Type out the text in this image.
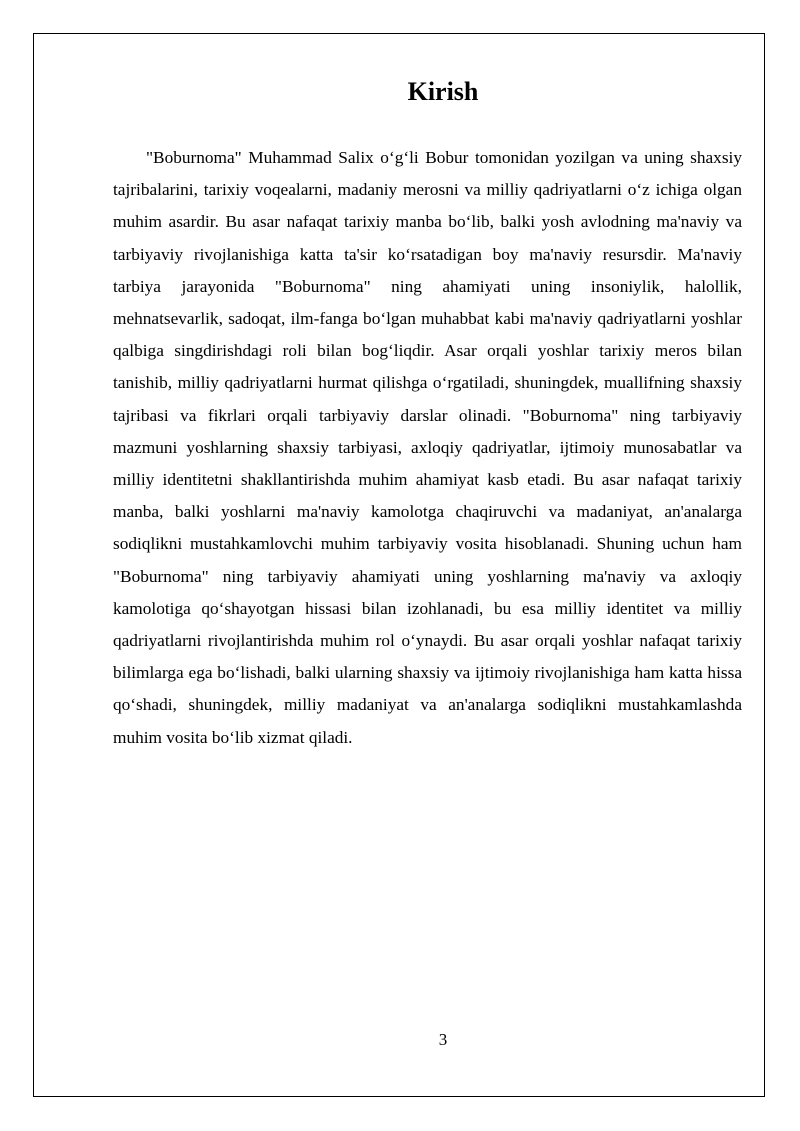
Kirish

"Boburnoma" Muhammad Salix o‘g‘li Bobur tomonidan yozilgan va uning shaxsiy tajribalarini, tarixiy voqealarni, madaniy merosni va milliy qadriyatlarni o‘z ichiga olgan muhim asardir. Bu asar nafaqat tarixiy manba bo‘lib, balki yosh avlodning ma'naviy va tarbiyaviy rivojlanishiga katta ta'sir ko‘rsatadigan boy ma'naviy resursdir. Ma'naviy tarbiya jarayonida "Boburnoma" ning ahamiyati uning insoniylik, halollik, mehnatsevarlik, sadoqat, ilm-fanga bo‘lgan muhabbat kabi ma'naviy qadriyatlarni yoshlar qalbiga singdirishdagi roli bilan bog‘liqdir. Asar orqali yoshlar tarixiy meros bilan tanishib, milliy qadriyatlarni hurmat qilishga o‘rgatiladi, shuningdek, muallifning shaxsiy tajribasi va fikrlari orqali tarbiyaviy darslar olinadi. "Boburnoma" ning tarbiyaviy mazmuni yoshlarning shaxsiy tarbiyasi, axloqiy qadriyatlar, ijtimoiy munosabatlar va milliy identitetni shakllantirishda muhim ahamiyat kasb etadi. Bu asar nafaqat tarixiy manba, balki yoshlarni ma'naviy kamolotga chaqiruvchi va madaniyat, an'analarga sodiqlikni mustahkamlovchi muhim tarbiyaviy vosita hisoblanadi. Shuning uchun ham "Boburnoma" ning tarbiyaviy ahamiyati uning yoshlarning ma'naviy va axloqiy kamolotiga qo‘shayotgan hissasi bilan izohlanadi, bu esa milliy identitet va milliy qadriyatlarni rivojlantirishda muhim rol o‘ynaydi. Bu asar orqali yoshlar nafaqat tarixiy bilimlarga ega bo‘lishadi, balki ularning shaxsiy va ijtimoiy rivojlanishiga ham katta hissa qo‘shadi, shuningdek, milliy madaniyat va an'analarga sodiqlikni mustahkamlashda muhim vosita bo‘lib xizmat qiladi.

3
